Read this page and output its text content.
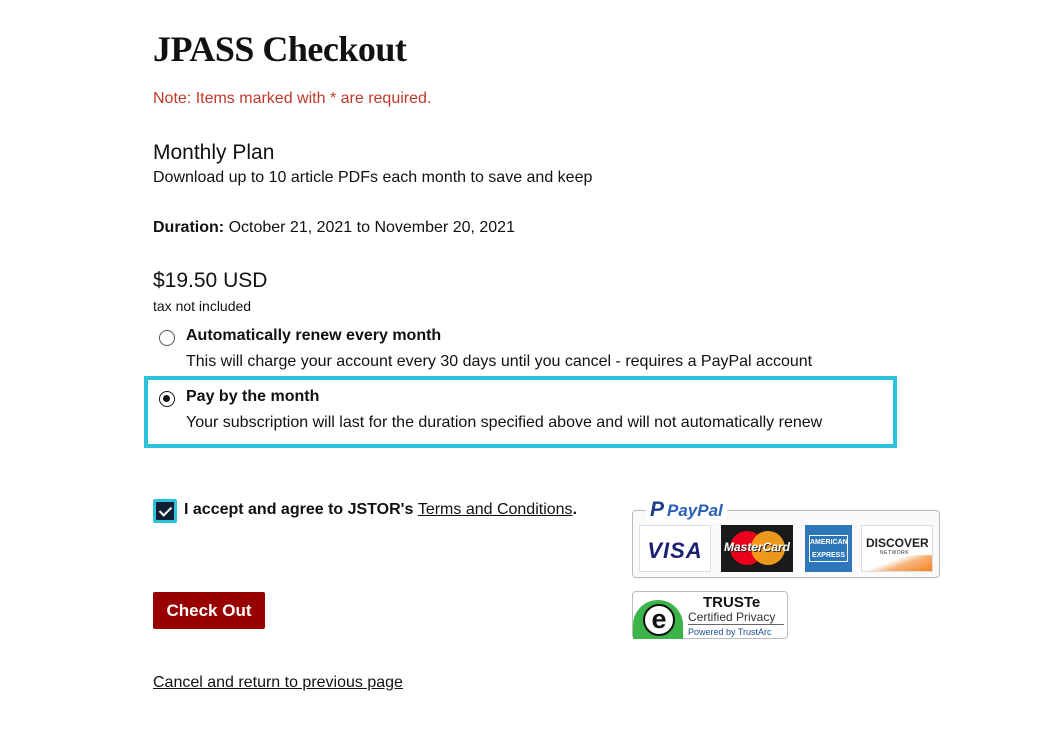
JPASS Checkout
Note: Items marked with * are required.
Monthly Plan
Download up to 10 article PDFs each month to save and keep
Duration: October 21, 2021 to November 20, 2021
$19.50 USD
tax not included
Automatically renew every month
This will charge your account every 30 days until you cancel - requires a PayPal account
Pay by the month
Your subscription will last for the duration specified above and will not automatically renew
I accept and agree to JSTOR's Terms and Conditions.
Check Out
Cancel and return to previous page
P PayPal
VISA	MasterCard	AMERICAN
EXPRESS
DISCOVER
NETWORK
e
TRUSTe
Certified Privacy
Powered by TrustArc
